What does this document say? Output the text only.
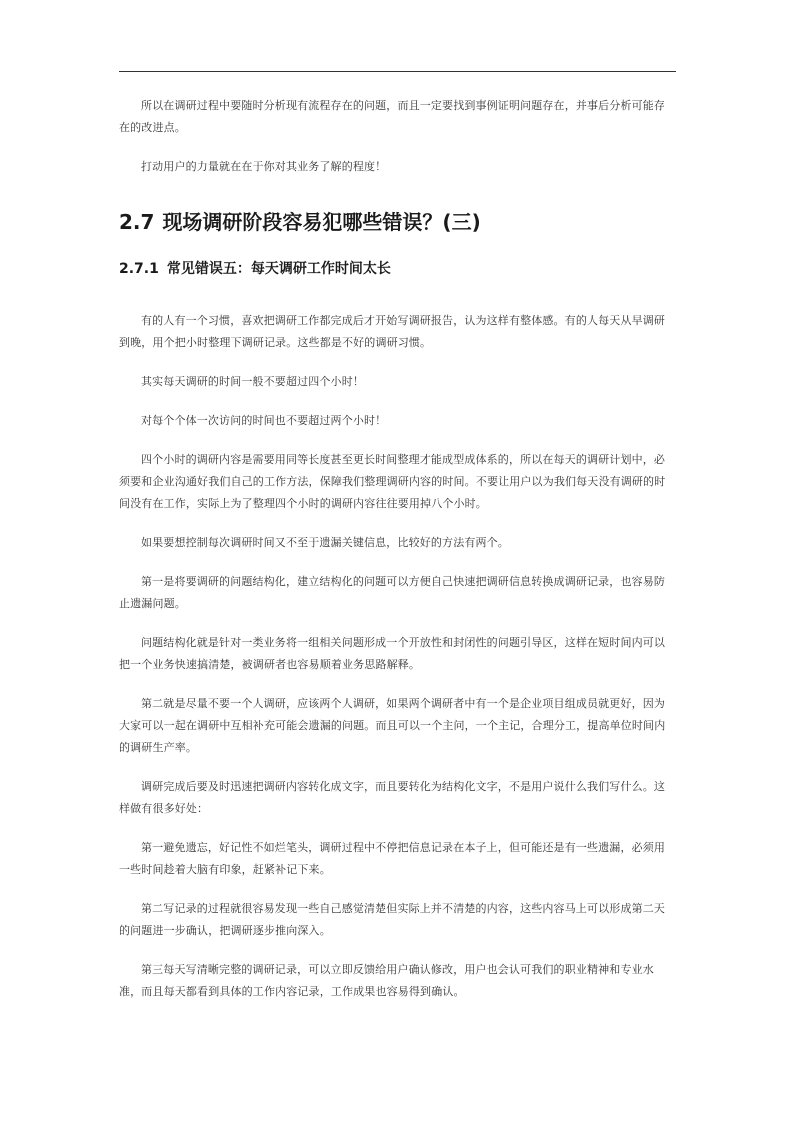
所以在调研过程中要随时分析现有流程存在的问题，而且一定要找到事例证明问题存在，并事后分析可能存在的改进点。

打动用户的力量就在在于你对其业务了解的程度！

2.7 现场调研阶段容易犯哪些错误？(三)
2.7.1 常见错误五：每天调研工作时间太长

有的人有一个习惯，喜欢把调研工作都完成后才开始写调研报告，认为这样有整体感。有的人每天从早调研到晚，用个把小时整理下调研记录。这些都是不好的调研习惯。

其实每天调研的时间一般不要超过四个小时！

对每个个体一次访问的时间也不要超过两个小时！

四个小时的调研内容是需要用同等长度甚至更长时间整理才能成型成体系的，所以在每天的调研计划中，必须要和企业沟通好我们自己的工作方法，保障我们整理调研内容的时间。不要让用户以为我们每天没有调研的时间没有在工作，实际上为了整理四个小时的调研内容往往要用掉八个小时。

如果要想控制每次调研时间又不至于遗漏关键信息，比较好的方法有两个。

第一是将要调研的问题结构化，建立结构化的问题可以方便自己快速把调研信息转换成调研记录，也容易防止遗漏问题。

问题结构化就是针对一类业务将一组相关问题形成一个开放性和封闭性的问题引导区，这样在短时间内可以把一个业务快速搞清楚，被调研者也容易顺着业务思路解释。

第二就是尽量不要一个人调研，应该两个人调研，如果两个调研者中有一个是企业项目组成员就更好，因为大家可以一起在调研中互相补充可能会遗漏的问题。而且可以一个主问，一个主记，合理分工，提高单位时间内的调研生产率。

调研完成后要及时迅速把调研内容转化成文字，而且要转化为结构化文字，不是用户说什么我们写什么。这样做有很多好处：

第一避免遗忘，好记性不如烂笔头，调研过程中不停把信息记录在本子上，但可能还是有一些遗漏，必须用一些时间趁着大脑有印象，赶紧补记下来。

第二写记录的过程就很容易发现一些自己感觉清楚但实际上并不清楚的内容，这些内容马上可以形成第二天的问题进一步确认，把调研逐步推向深入。

第三每天写清晰完整的调研记录，可以立即反馈给用户确认修改，用户也会认可我们的职业精神和专业水准，而且每天都看到具体的工作内容记录，工作成果也容易得到确认。
